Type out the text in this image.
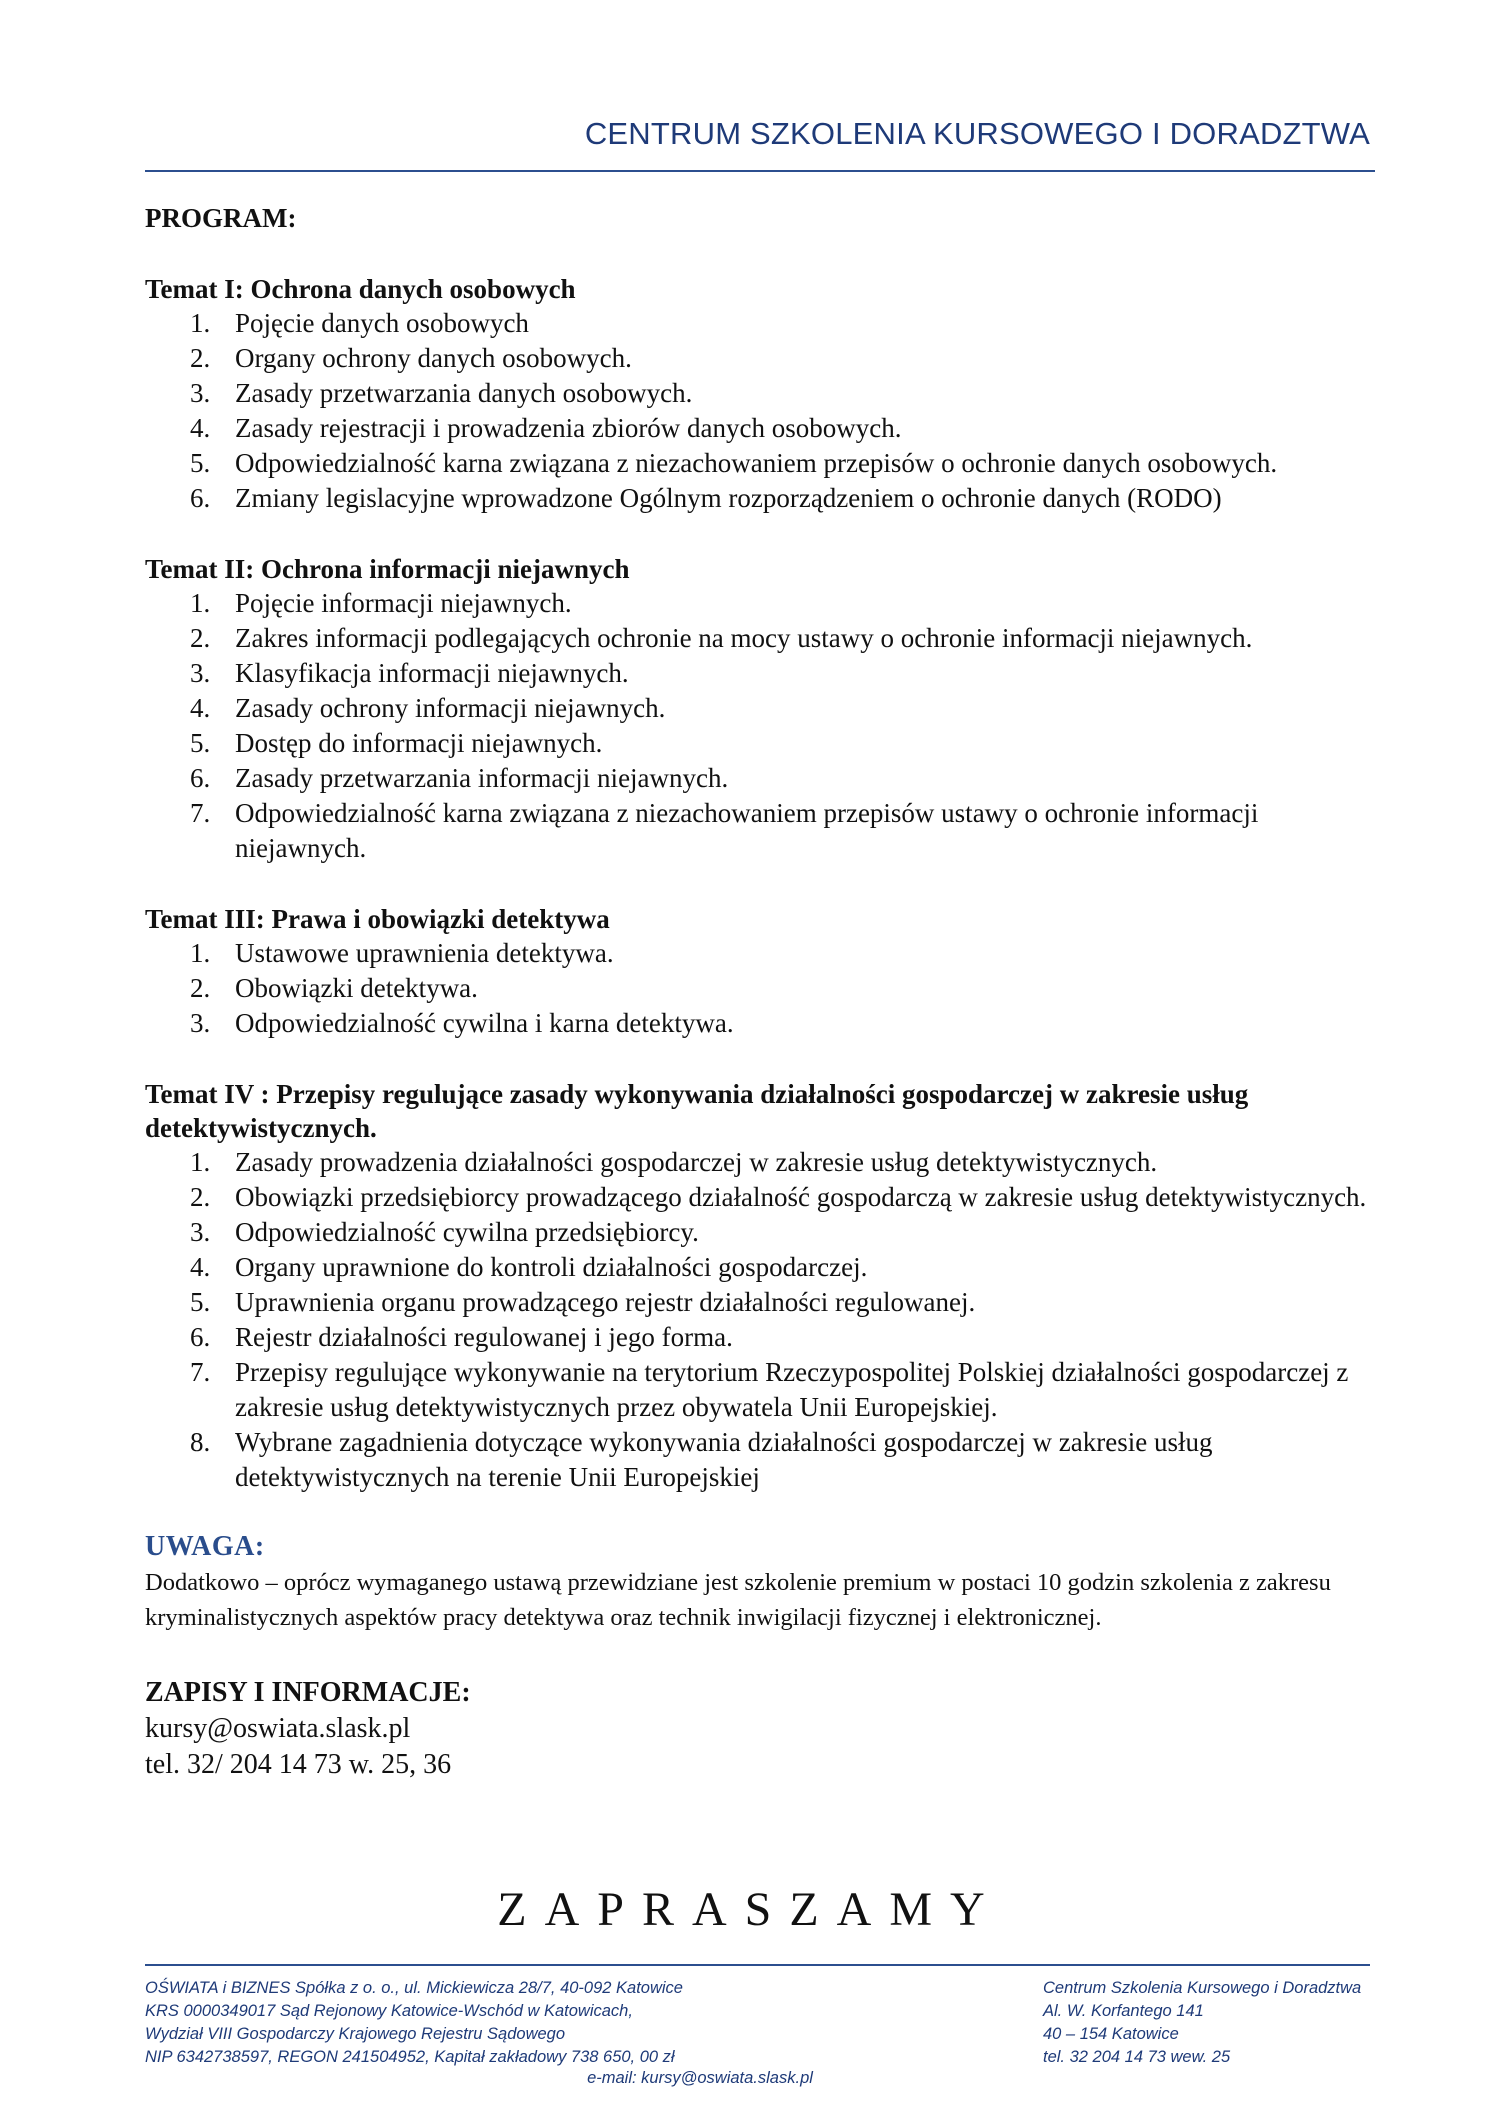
CENTRUM SZKOLENIA KURSOWEGO I DORADZTWA
PROGRAM:
Temat I: Ochrona danych osobowych
1. Pojęcie danych osobowych
2. Organy ochrony danych osobowych.
3. Zasady przetwarzania danych osobowych.
4. Zasady rejestracji i prowadzenia zbiorów danych osobowych.
5. Odpowiedzialność karna związana z niezachowaniem przepisów o ochronie danych osobowych.
6. Zmiany legislacyjne wprowadzone Ogólnym rozporządzeniem o ochronie danych (RODO)
Temat II: Ochrona informacji niejawnych
1. Pojęcie informacji niejawnych.
2. Zakres informacji podlegających ochronie na mocy ustawy o ochronie informacji niejawnych.
3. Klasyfikacja informacji niejawnych.
4. Zasady ochrony informacji niejawnych.
5. Dostęp do informacji niejawnych.
6. Zasady przetwarzania informacji niejawnych.
7. Odpowiedzialność karna związana z niezachowaniem przepisów ustawy o ochronie informacji niejawnych.
Temat III: Prawa i obowiązki detektywa
1. Ustawowe uprawnienia detektywa.
2. Obowiązki detektywa.
3. Odpowiedzialność cywilna i karna detektywa.
Temat IV : Przepisy regulujące zasady wykonywania działalności gospodarczej w zakresie usług detektywistycznych.
1. Zasady prowadzenia działalności gospodarczej w zakresie usług detektywistycznych.
2. Obowiązki przedsiębiorcy prowadzącego działalność gospodarczą w zakresie usług detektywistycznych.
3. Odpowiedzialność cywilna przedsiębiorcy.
4. Organy uprawnione do kontroli działalności gospodarczej.
5. Uprawnienia organu prowadzącego rejestr działalności regulowanej.
6. Rejestr działalności regulowanej i jego forma.
7. Przepisy regulujące wykonywanie na terytorium Rzeczypospolitej Polskiej działalności gospodarczej z zakresie usług detektywistycznych przez obywatela Unii Europejskiej.
8. Wybrane zagadnienia dotyczące wykonywania działalności gospodarczej w zakresie usług detektywistycznych na terenie Unii Europejskiej
UWAGA:

Dodatkowo – oprócz wymaganego ustawą przewidziane jest szkolenie premium w postaci 10 godzin szkolenia z zakresu kryminalistycznych aspektów pracy detektywa oraz technik inwigilacji fizycznej i elektronicznej.

ZAPISY I INFORMACJE:
kursy@oswiata.slask.pl
tel. 32/ 204 14 73 w. 25, 36
ZAPRASZAMY
OŚWIATA i BIZNES Spółka z o. o., ul. Mickiewicza 28/7, 40-092 Katowice
KRS 0000349017 Sąd Rejonowy Katowice-Wschód w Katowicach,
Wydział VIII Gospodarczy Krajowego Rejestru Sądowego
NIP 6342738597, REGON 241504952, Kapitał zakładowy 738 650, 00 zł
Centrum Szkolenia Kursowego i Doradztwa
Al. W. Korfantego 141
40 – 154 Katowice
tel. 32 204 14 73 wew. 25
e-mail: kursy@oswiata.slask.pl
